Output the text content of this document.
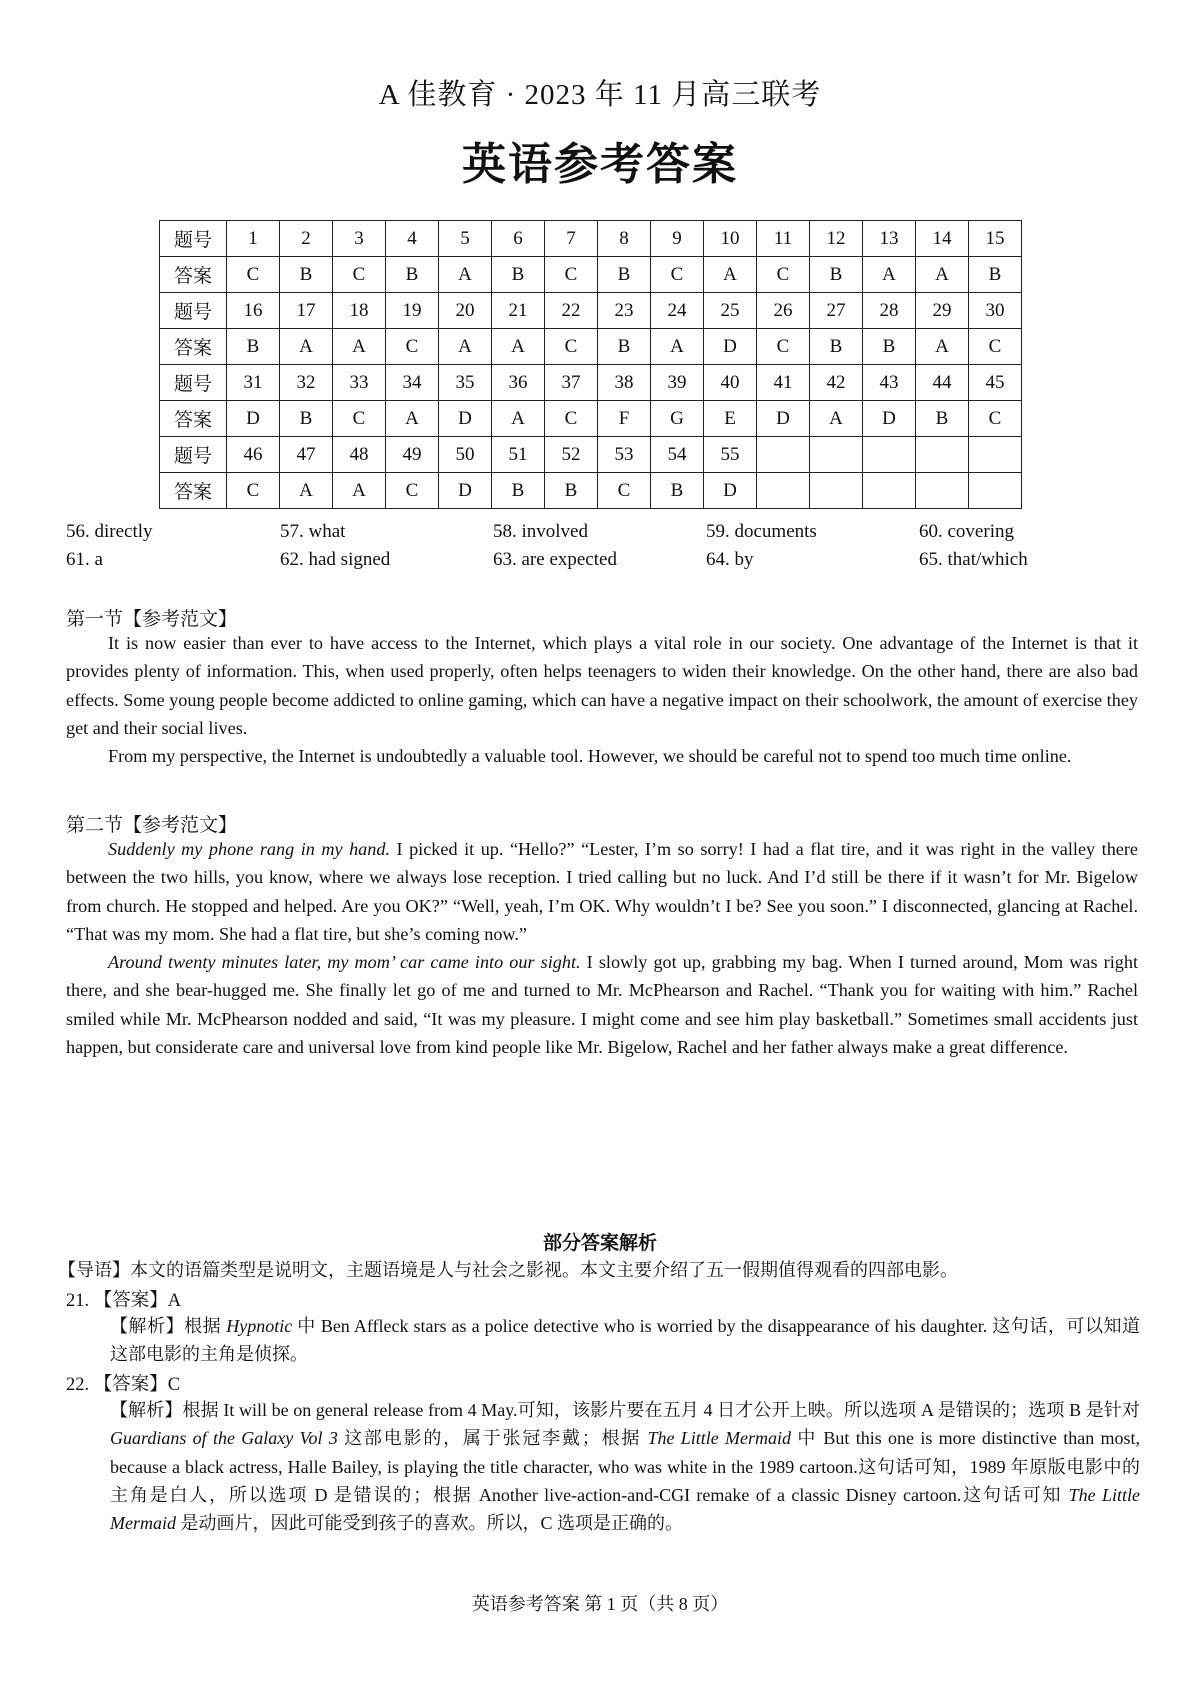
A 佳教育 · 2023 年 11 月高三联考
英语参考答案
题号	1	2	3	4	5	6	7	8	9	10	11	12	13	14	15
答案	C	B	C	B	A	B	C	B	C	A	C	B	A	A	B
题号	16	17	18	19	20	21	22	23	24	25	26	27	28	29	30
答案	B	A	A	C	A	A	C	B	A	D	C	B	B	A	C
题号	31	32	33	34	35	36	37	38	39	40	41	42	43	44	45
答案	D	B	C	A	D	A	C	F	G	E	D	A	D	B	C
题号	46	47	48	49	50	51	52	53	54	55					
答案	C	A	A	C	D	B	B	C	B	D					
56. directly	57. what	58. involved	59. documents	60. covering
61. a	62. had signed	63. are expected	64. by	65. that/which
第一节【参考范文】

It is now easier than ever to have access to the Internet, which plays a vital role in our society. One advantage of the Internet is that it provides plenty of information. This, when used properly, often helps teenagers to widen their knowledge. On the other hand, there are also bad effects. Some young people become addicted to online gaming, which can have a negative impact on their schoolwork, the amount of exercise they get and their social lives.

From my perspective, the Internet is undoubtedly a valuable tool. However, we should be careful not to spend too much time online.

第二节【参考范文】

Suddenly my phone rang in my hand. I picked it up. “Hello?” “Lester, I’m so sorry! I had a flat tire, and it was right in the valley there between the two hills, you know, where we always lose reception. I tried calling but no luck. And I’d still be there if it wasn’t for Mr. Bigelow from church. He stopped and helped. Are you OK?” “Well, yeah, I’m OK. Why wouldn’t I be? See you soon.” I disconnected, glancing at Rachel. “That was my mom. She had a flat tire, but she’s coming now.”

Around twenty minutes later, my mom’ car came into our sight. I slowly got up, grabbing my bag. When I turned around, Mom was right there, and she bear-hugged me. She finally let go of me and turned to Mr. McPhearson and Rachel. “Thank you for waiting with him.” Rachel smiled while Mr. McPhearson nodded and said, “It was my pleasure. I might come and see him play basketball.” Sometimes small accidents just happen, but considerate care and universal love from kind people like Mr. Bigelow, Rachel and her father always make a great difference.

部分答案解析
【导语】本文的语篇类型是说明文，主题语境是人与社会之影视。本文主要介绍了五一假期值得观看的四部电影。
21. 【答案】A
【解析】根据 Hypnotic 中 Ben Affleck stars as a police detective who is worried by the disappearance of his daughter. 这句话，可以知道这部电影的主角是侦探。
22. 【答案】C
【解析】根据 It will be on general release from 4 May.可知，该影片要在五月 4 日才公开上映。所以选项 A 是错误的；选项 B 是针对 Guardians of the Galaxy Vol 3 这部电影的，属于张冠李戴；根据 The Little Mermaid 中 But this one is more distinctive than most, because a black actress, Halle Bailey, is playing the title character, who was white in the 1989 cartoon.这句话可知，1989 年原版电影中的主角是白人，所以选项 D 是错误的；根据 Another live-action-and-CGI remake of a classic Disney cartoon.这句话可知 The Little Mermaid 是动画片，因此可能受到孩子的喜欢。所以，C 选项是正确的。
英语参考答案 第 1 页（共 8 页）
